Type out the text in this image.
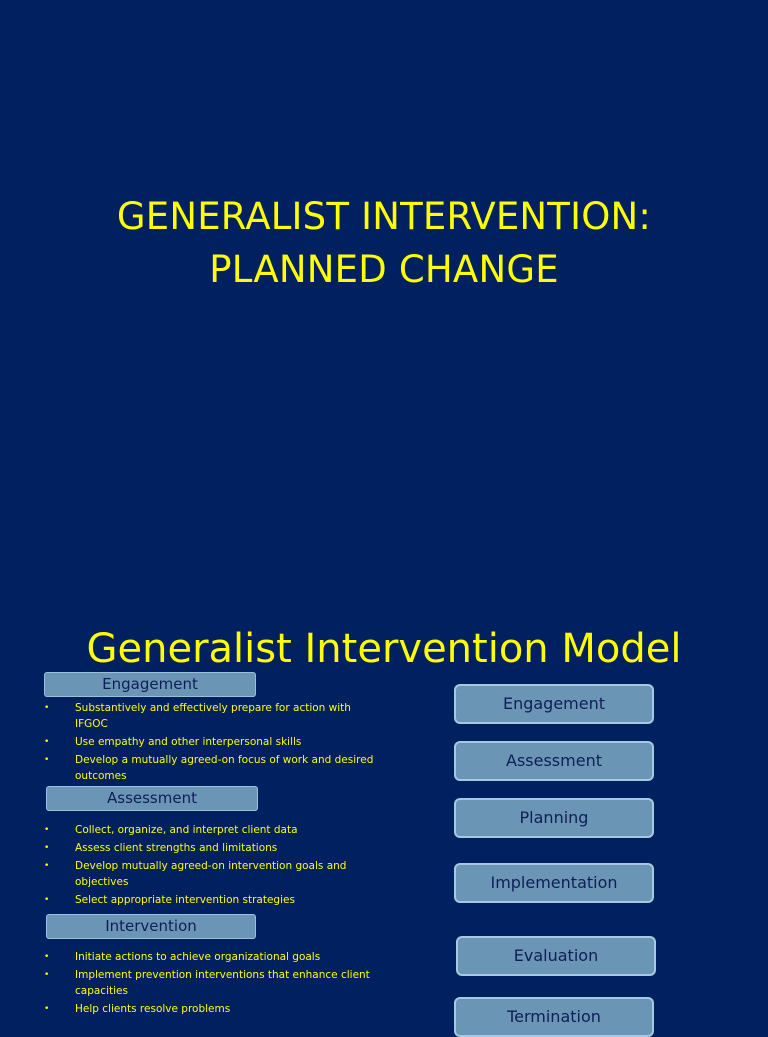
GENERALIST INTERVENTION:
PLANNED CHANGE
Generalist Intervention Model
Engagement
• Substantively and effectively prepare for action with IFGOC
• Use empathy and other interpersonal skills
• Develop a mutually agreed-on focus of work and desired outcomes
Assessment
• Collect, organize, and interpret client data
• Assess client strengths and limitations
• Develop mutually agreed-on intervention goals and objectives
• Select appropriate intervention strategies
Intervention
• Initiate actions to achieve organizational goals
• Implement prevention interventions that enhance client capacities
• Help clients resolve problems
Engagement
Assessment
Planning
Implementation
Evaluation
Termination
